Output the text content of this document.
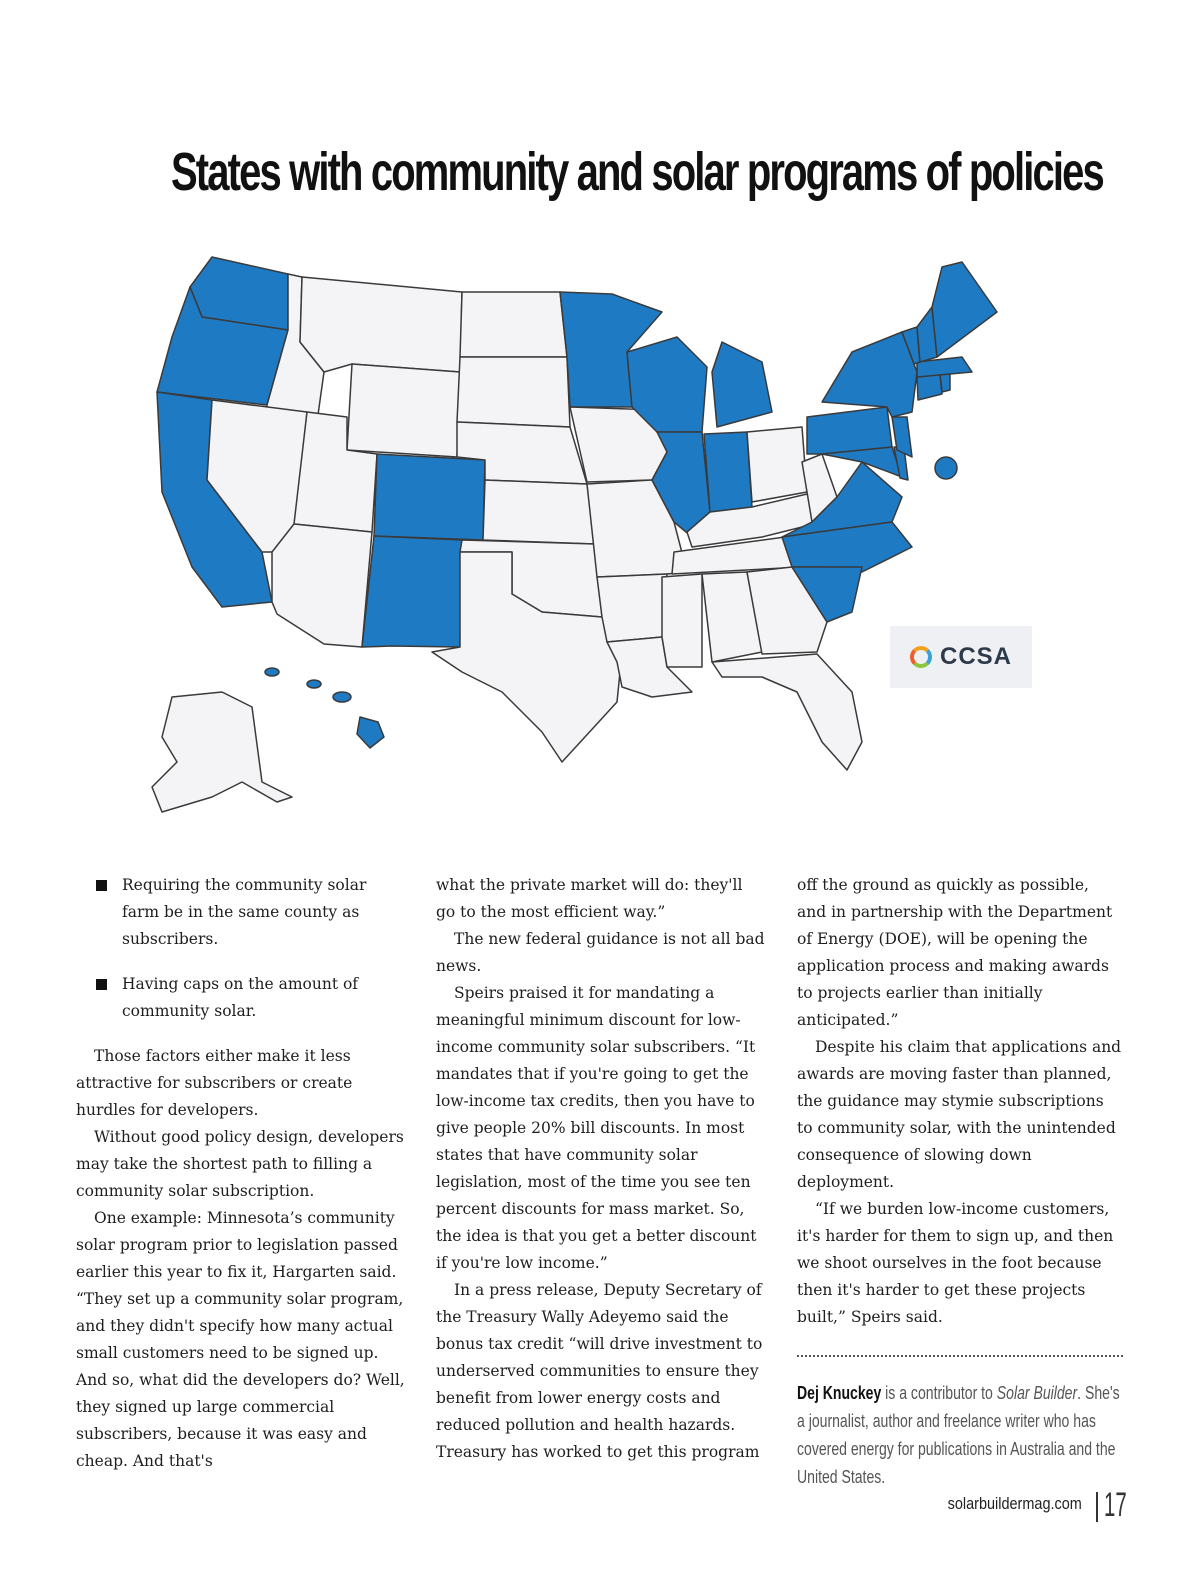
States with community and solar programs of policies
CCSA
Requiring the community solar farm be in the same county as subscribers.
Having caps on the amount of community solar.

Those factors either make it less attractive for subscribers or create hurdles for developers.

Without good policy design, developers may take the shortest path to filling a community solar subscription.

One example: Minnesota’s community solar program prior to legislation passed earlier this year to fix it, Hargarten said. “They set up a community solar program, and they didn't specify how many actual small customers need to be signed up. And so, what did the developers do? Well, they signed up large commercial subscribers, because it was easy and cheap. And that's

what the private market will do: they'll go to the most efficient way.”

The new federal guidance is not all bad news.

Speirs praised it for mandating a meaningful minimum discount for low-income community solar subscribers. “It mandates that if you're going to get the low-income tax credits, then you have to give people 20% bill discounts. In most states that have community solar legislation, most of the time you see ten percent discounts for mass market. So, the idea is that you get a better discount if you're low income.”

In a press release, Deputy Secretary of the Treasury Wally Adeyemo said the bonus tax credit “will drive investment to underserved communities to ensure they benefit from lower energy costs and reduced pollution and health hazards. Treasury has worked to get this program

off the ground as quickly as possible, and in partnership with the Department of Energy (DOE), will be opening the application process and making awards to projects earlier than initially anticipated.”

Despite his claim that applications and awards are moving faster than planned, the guidance may stymie subscriptions to community solar, with the unintended consequence of slowing down deployment.

“If we burden low-income customers, it's harder for them to sign up, and then we shoot ourselves in the foot because then it's harder to get these projects built,” Speirs said.

Dej Knuckey is a contributor to Solar Builder. She's a journalist, author and freelance writer who has covered energy for publications in Australia and the United States.
solarbuildermag.com 17
